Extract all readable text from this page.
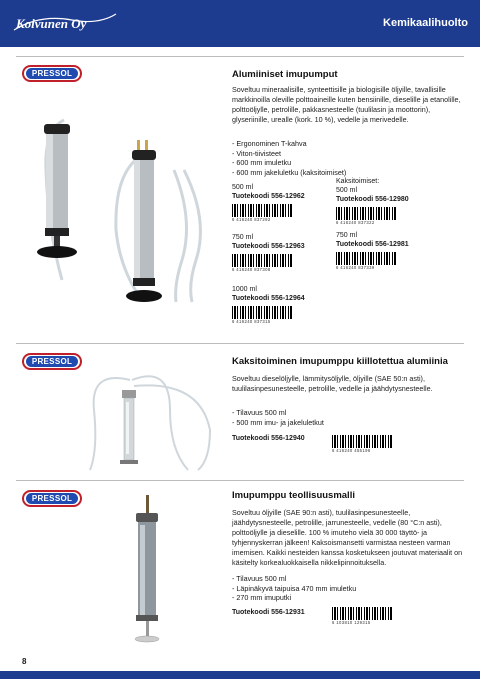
Koivunen Oy	Kemikaalihuolto
PRESSOL	Alumiiniset imupumput
Soveltuu mineraalisille, synteettisille ja biologisille öljyille, tavallisille markkinoilla oleville polttoaineille kuten bensiinille, dieselille ja etanolille, polttoöljylle, petrolille, pakkasnesteelle (tuulilasin ja moottorin), glyseriinille, urealle (kork. 10 %), vedelle ja merivedelle.
- Ergonominen T-kahva
- Viton-tiivisteet
- 600 mm imuletku
- 600 mm jakeluletku (kaksitoimiset)
500 ml
Tuotekoodi 556-12962
6 416240 837292
750 ml
Tuotekoodi 556-12963
6 416240 837308
1000 ml
Tuotekoodi 556-12964
6 416240 837315
Kaksitoimiset:
500 ml
Tuotekoodi 556-12980
6 416240 837322
750 ml
Tuotekoodi 556-12981
6 416240 837339
PRESSOL	Kaksitoiminen imupumppu kiillotettua alumiinia
Soveltuu dieselöljylle, lämmitysöljylle, öljyille (SAE 50:n asti), tuulilasinpesunesteelle, petrolille, vedelle ja jäähdytysnesteelle.
- Tilavuus 500 ml
- 500 mm imu- ja jakeluletkut
Tuotekoodi 556-12940
6 416240 455196
PRESSOL	Imupumppu teollisuusmalli
Soveltuu öljyille (SAE 90:n asti), tuulilasinpesunesteelle, jäähdytysnesteelle, petrolille, jarrunesteelle, vedelle (80 °C:n asti), polttoöljylle ja dieselille. 100 % imuteho vielä 30 000 täyttö- ja tyhjennyskerran jälkeen! Kaksoismansetti varmistaa nesteen varman imemisen. Kaikki nesteiden kanssa kosketukseen joutuvat materiaalit on käsitelty korkealuokkaisella nikkelipinnoituksella.
- Tilavuus 500 ml
- Läpinäkyvä taipuisa 470 mm imuletku
- 270 mm imuputki
Tuotekoodi 556-12931
6 103810 129315
8
